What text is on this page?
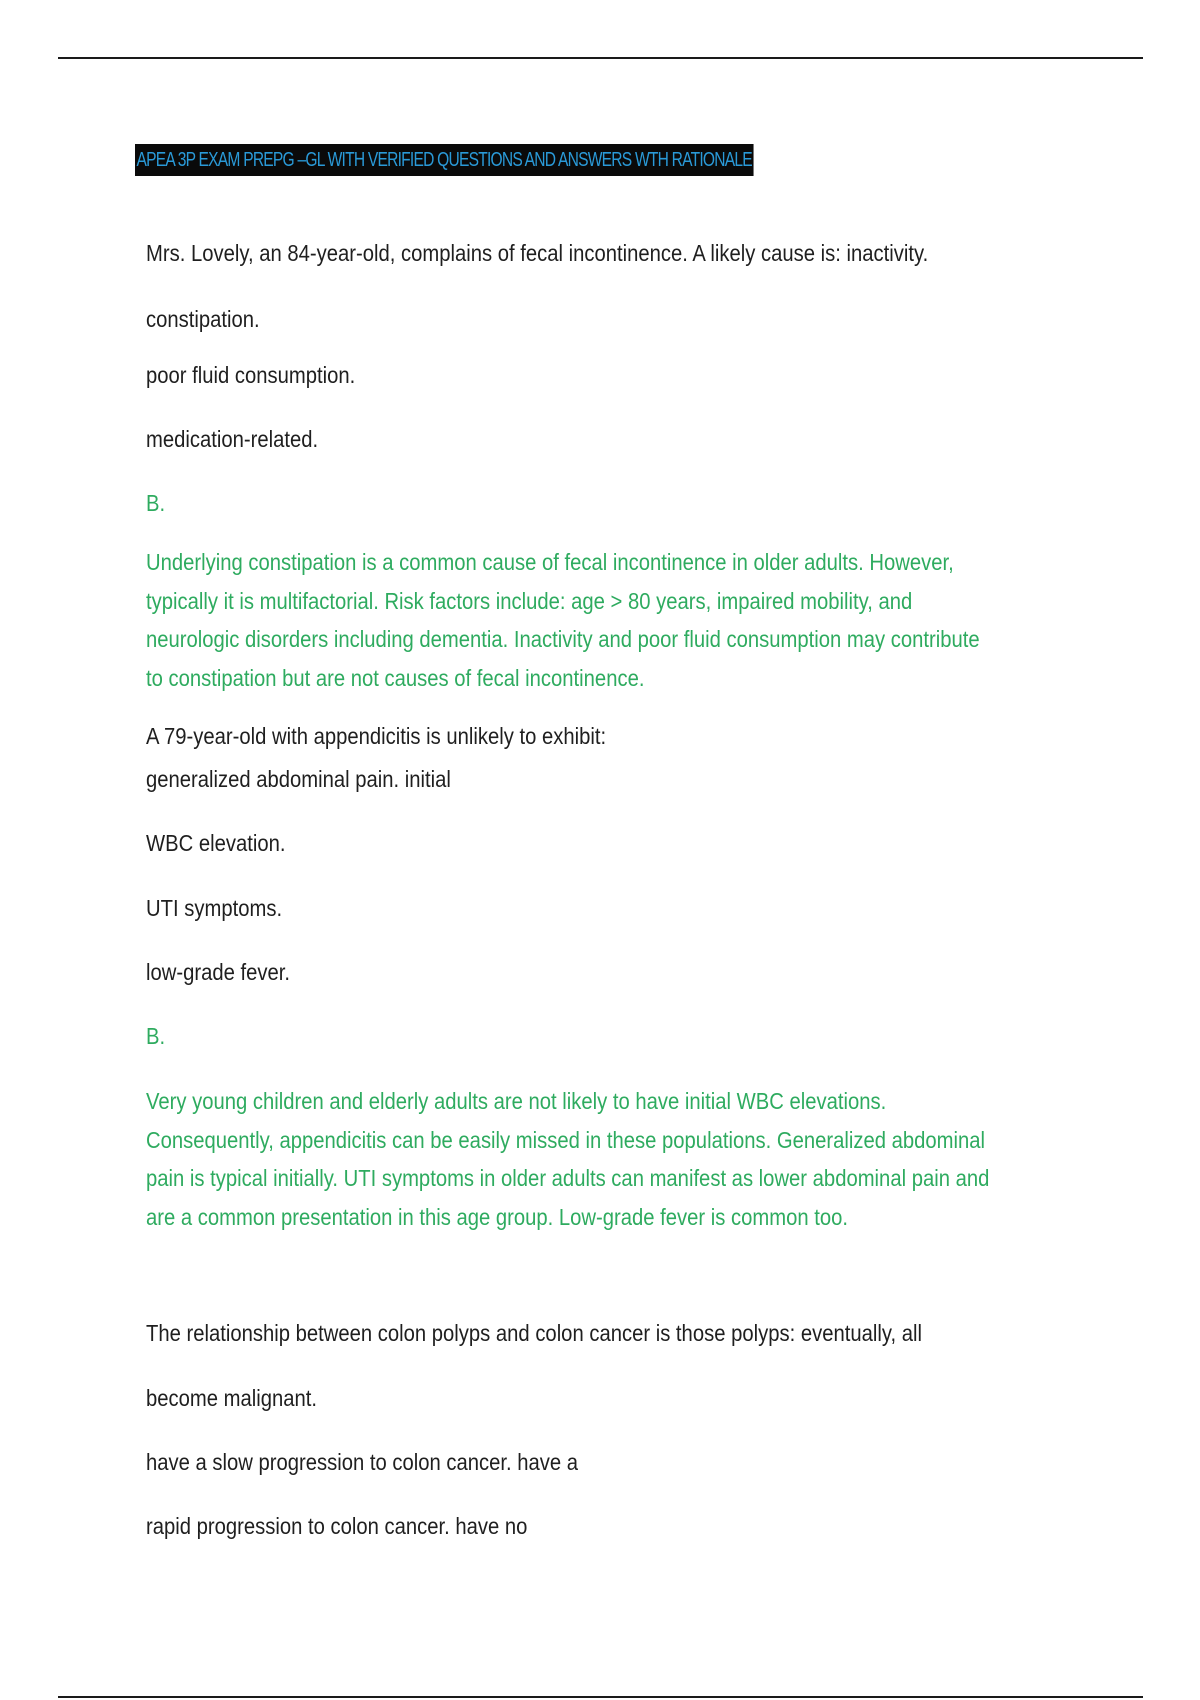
APEA 3P EXAM PREPG –GL WITH VERIFIED QUESTIONS AND ANSWERS WTH RATIONALE
Mrs. Lovely, an 84-year-old, complains of fecal incontinence. A likely cause is: inactivity.
constipation.
poor fluid consumption.
medication-related.
B.
Underlying constipation is a common cause of fecal incontinence in older adults. However,
typically it is multifactorial. Risk factors include: age > 80 years, impaired mobility, and
neurologic disorders including dementia. Inactivity and poor fluid consumption may contribute
to constipation but are not causes of fecal incontinence.
A 79-year-old with appendicitis is unlikely to exhibit:
generalized abdominal pain. initial
WBC elevation.
UTI symptoms.
low-grade fever.
B.
Very young children and elderly adults are not likely to have initial WBC elevations.
Consequently, appendicitis can be easily missed in these populations. Generalized abdominal
pain is typical initially. UTI symptoms in older adults can manifest as lower abdominal pain and
are a common presentation in this age group. Low-grade fever is common too.
The relationship between colon polyps and colon cancer is those polyps: eventually, all
become malignant.
have a slow progression to colon cancer. have a
rapid progression to colon cancer. have no
